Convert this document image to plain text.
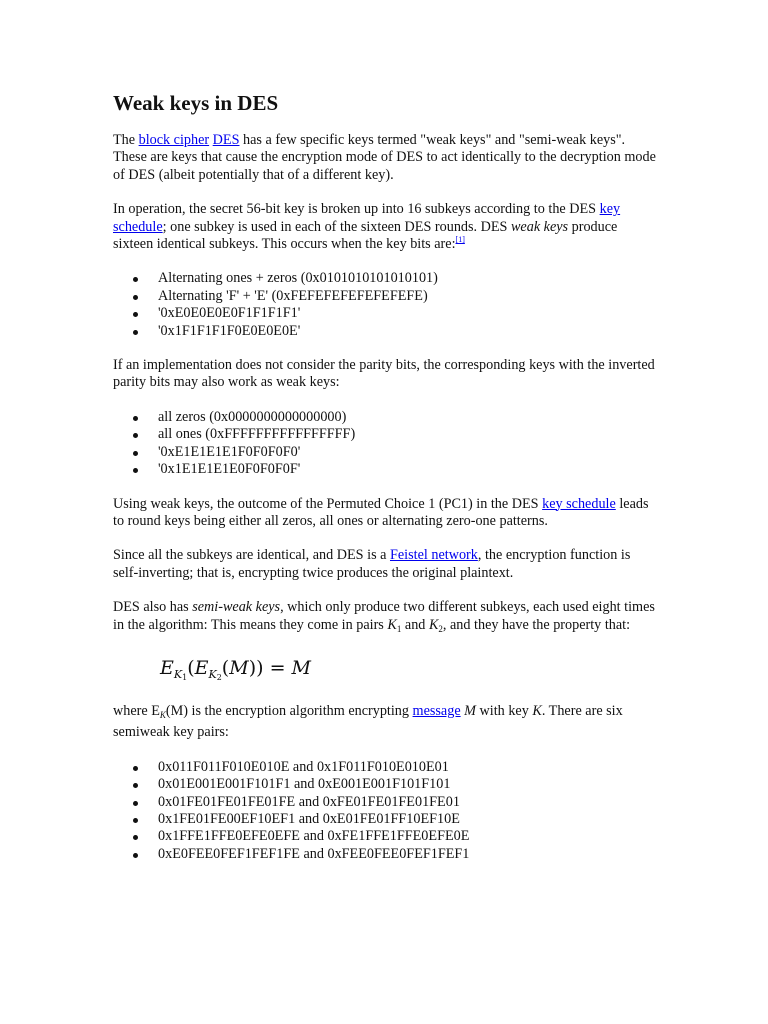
Weak keys in DES

The block cipher DES has a few specific keys termed "weak keys" and "semi-weak keys". These are keys that cause the encryption mode of DES to act identically to the decryption mode of DES (albeit potentially that of a different key).

In operation, the secret 56-bit key is broken up into 16 subkeys according to the DES key schedule; one subkey is used in each of the sixteen DES rounds. DES weak keys produce sixteen identical subkeys. This occurs when the key bits are:[1]

Alternating ones + zeros (0x0101010101010101)
Alternating 'F' + 'E' (0xFEFEFEFEFEFEFEFE)
'0xE0E0E0E0F1F1F1F1'
'0x1F1F1F1F0E0E0E0E'

If an implementation does not consider the parity bits, the corresponding keys with the inverted parity bits may also work as weak keys:

all zeros (0x0000000000000000)
all ones (0xFFFFFFFFFFFFFFFF)
'0xE1E1E1E1F0F0F0F0'
'0x1E1E1E1E0F0F0F0F'

Using weak keys, the outcome of the Permuted Choice 1 (PC1) in the DES key schedule leads to round keys being either all zeros, all ones or alternating zero-one patterns.

Since all the subkeys are identical, and DES is a Feistel network, the encryption function is self-inverting; that is, encrypting twice produces the original plaintext.

DES also has semi-weak keys, which only produce two different subkeys, each used eight times in the algorithm: This means they come in pairs $K_1$ and $K_2$, and they have the property that:

$E_{K_1}(E_{K_2}(M)) = M$

where $E_K(M)$ is the encryption algorithm encrypting message M with key K. There are six semiweak key pairs:

0x011F011F010E010E and 0x1F011F010E010E01
0x01E001E001F101F1 and 0xE001E001F101F101
0x01FE01FE01FE01FE and 0xFE01FE01FE01FE01
0x1FE01FE00EF10EF1 and 0xE01FE01FF10EF10E
0x1FFE1FFE0EFE0EFE and 0xFE1FFE1FFE0EFE0E
0xE0FEE0FEF1FEF1FE and 0xFEE0FEE0FEF1FEF1
